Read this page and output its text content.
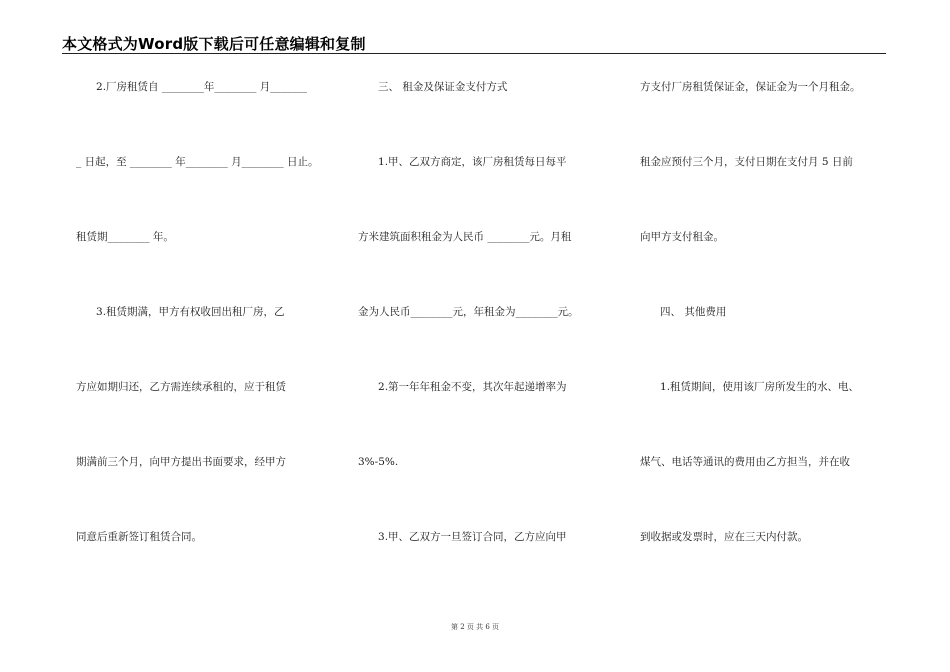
本文格式为Word版下载后可任意编辑和复制
2.厂房租赁自 ________年________ 月_______
_ 日起，至 ________ 年________ 月________ 日止。
租赁期________ 年。
3.租赁期满，甲方有权收回出租厂房，乙
方应如期归还，乙方需连续承租的，应于租赁
期满前三个月，向甲方提出书面要求，经甲方
同意后重新签订租赁合同。
三、 租金及保证金支付方式
1.甲、乙双方商定，该厂房租赁每日每平
方米建筑面积租金为人民币 ________元。月租
金为人民币________元，年租金为________元。
2.第一年年租金不变，其次年起递增率为
3%-5%.
3.甲、乙双方一旦签订合同，乙方应向甲
方支付厂房租赁保证金，保证金为一个月租金。
租金应预付三个月，支付日期在支付月 5 日前
向甲方支付租金。
四、 其他费用
1.租赁期间，使用该厂房所发生的水、电、
煤气、电话等通讯的费用由乙方担当，并在收
到收据或发票时，应在三天内付款。
第 2 页 共 6 页
